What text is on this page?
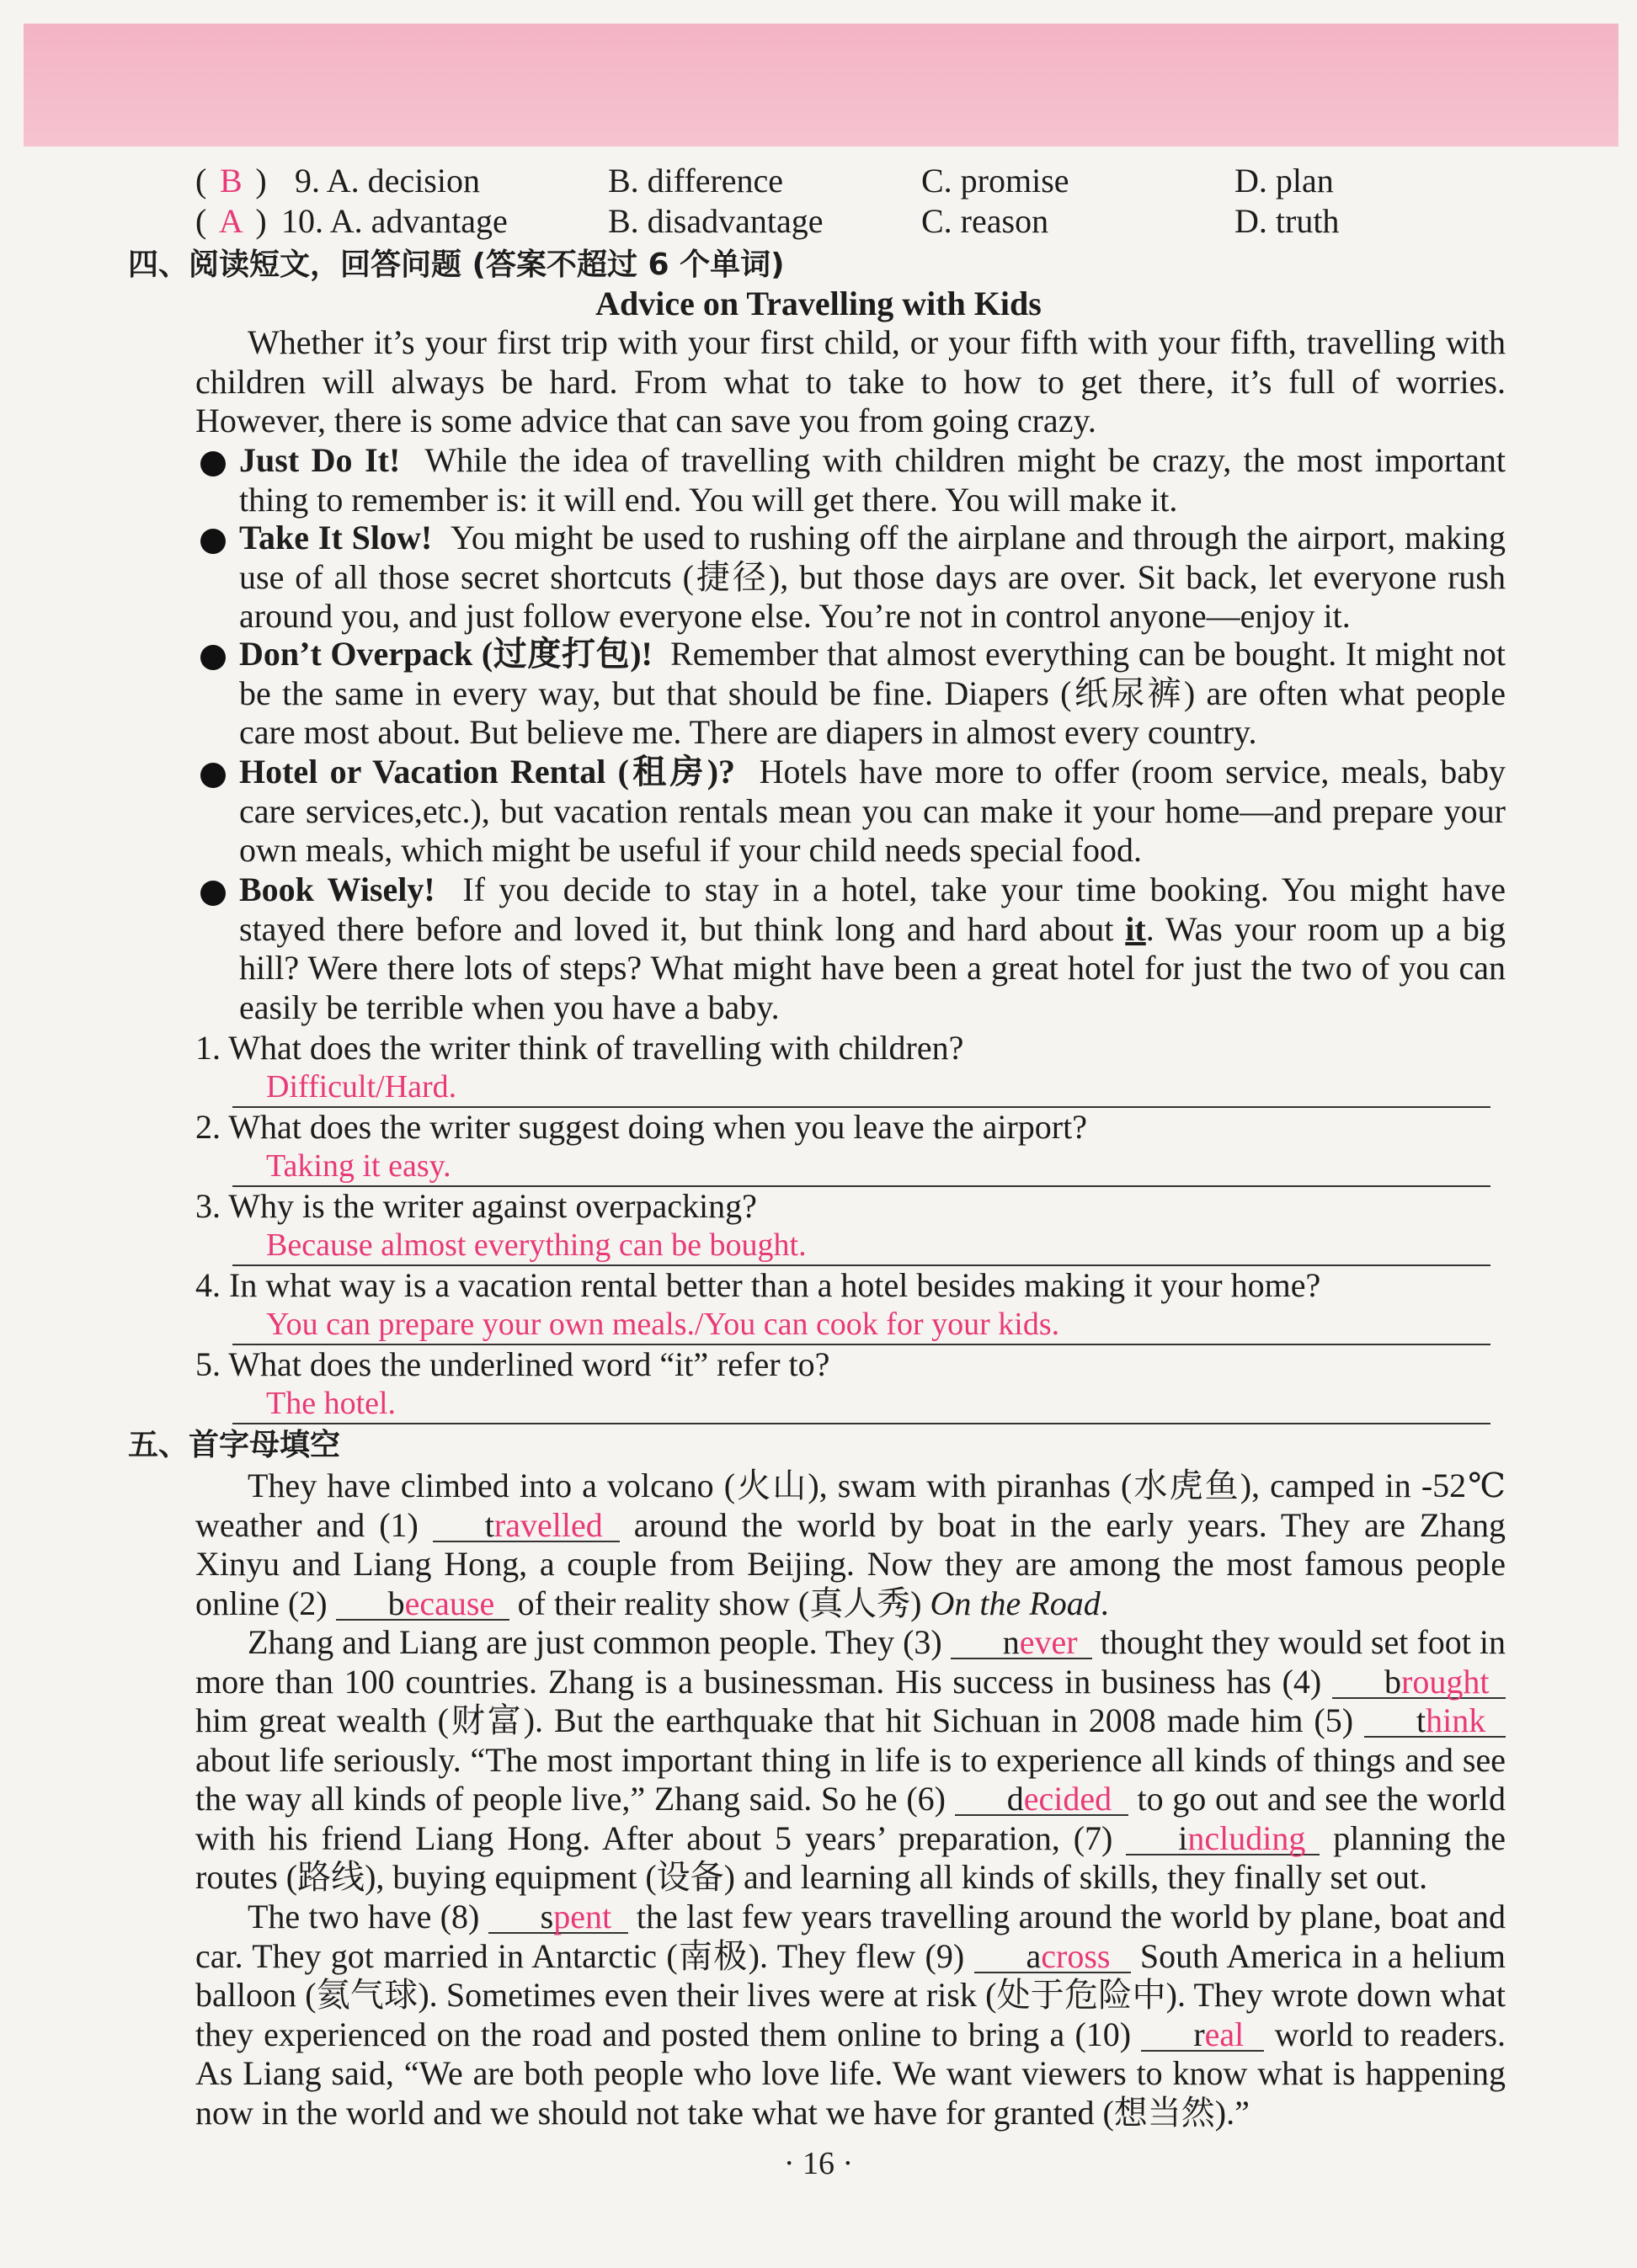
( B ) 9. A. decision	B. difference	C. promise	D. plan
( A ) 10. A. advantage	B. disadvantage	C. reason	D. truth
四、阅读短文，回答问题 (答案不超过 6 个单词)
Advice on Travelling with Kids
Whether it’s your first trip with your first child, or your fifth with your fifth, travelling with children will always be hard. From what to take to how to get there, it’s full of worries. However, there is some advice that can save you from going crazy.
Just Do It! While the idea of travelling with children might be crazy, the most important thing to remember is: it will end. You will get there. You will make it.
Take It Slow! You might be used to rushing off the airplane and through the airport, making use of all those secret shortcuts (捷径), but those days are over. Sit back, let everyone rush around you, and just follow everyone else. You’re not in control anyone—enjoy it.
Don’t Overpack (过度打包)! Remember that almost everything can be bought. It might not be the same in every way, but that should be fine. Diapers (纸尿裤) are often what people care most about. But believe me. There are diapers in almost every country.
Hotel or Vacation Rental (租房)? Hotels have more to offer (room service, meals, baby care services,etc.), but vacation rentals mean you can make it your home—and prepare your own meals, which might be useful if your child needs special food.
Book Wisely! If you decide to stay in a hotel, take your time booking. You might have stayed there before and loved it, but think long and hard about it. Was your room up a big hill? Were there lots of steps? What might have been a great hotel for just the two of you can easily be terrible when you have a baby.
1. What does the writer think of travelling with children?
Difficult/Hard.
2. What does the writer suggest doing when you leave the airport?
Taking it easy.
3. Why is the writer against overpacking?
Because almost everything can be bought.
4. In what way is a vacation rental better than a hotel besides making it your home?
You can prepare your own meals./You can cook for your kids.
5. What does the underlined word “it” refer to?
The hotel.
五、首字母填空
They have climbed into a volcano (火山), swam with piranhas (水虎鱼), camped in -52℃ weather and (1) travelled around the world by boat in the early years. They are Zhang Xinyu and Liang Hong, a couple from Beijing. Now they are among the most famous people online (2) because of their reality show (真人秀) On the Road.
Zhang and Liang are just common people. They (3) never thought they would set foot in more than 100 countries. Zhang is a businessman. His success in business has (4) brought him great wealth (财富). But the earthquake that hit Sichuan in 2008 made him (5) think about life seriously. “The most important thing in life is to experience all kinds of things and see the way all kinds of people live,” Zhang said. So he (6) decided to go out and see the world with his friend Liang Hong. After about 5 years’ preparation, (7) including planning the routes (路线), buying equipment (设备) and learning all kinds of skills, they finally set out.
The two have (8) spent the last few years travelling around the world by plane, boat and car. They got married in Antarctic (南极). They flew (9) across South America in a helium balloon (氦气球). Sometimes even their lives were at risk (处于危险中). They wrote down what they experienced on the road and posted them online to bring a (10) real world to readers. As Liang said, “We are both people who love life. We want viewers to know what is happening now in the world and we should not take what we have for granted (想当然).”
· 16 ·
